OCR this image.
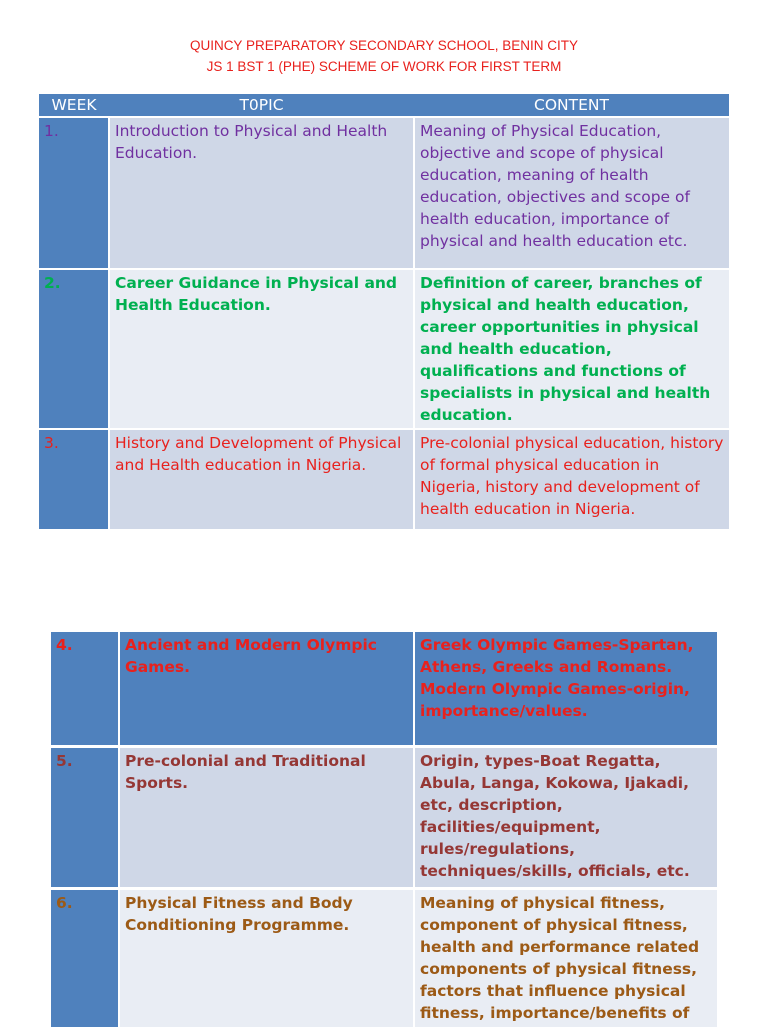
QUINCY PREPARATORY SECONDARY SCHOOL, BENIN CITY
JS 1 BST 1 (PHE) SCHEME OF WORK FOR FIRST TERM
WEEK	T0PIC	CONTENT
1.	Introduction to Physical and Health Education.	Meaning of Physical Education, objective and scope of physical education, meaning of health education, objectives and scope of health education, importance of physical and health education etc.
2.	Career Guidance in Physical and Health Education.	Definition of career, branches of physical and health education, career opportunities in physical and health education, qualifications and functions of specialists in physical and health education.
3.	History and Development of Physical and Health education in Nigeria.	Pre-colonial physical education, history of formal physical education in Nigeria, history and development of health education in Nigeria.
4.	Ancient and Modern Olympic Games.	Greek Olympic Games-Spartan, Athens, Greeks and Romans. Modern Olympic Games-origin, importance/values.
5.	Pre-colonial and Traditional Sports.	Origin, types-Boat Regatta, Abula, Langa, Kokowa, Ijakadi, etc, description, facilities/equipment, rules/regulations, techniques/skills, officials, etc.
6.	Physical Fitness and Body Conditioning Programme.	Meaning of physical fitness, component of physical fitness, health and performance related components of physical fitness, factors that influence physical fitness, importance/benefits of
